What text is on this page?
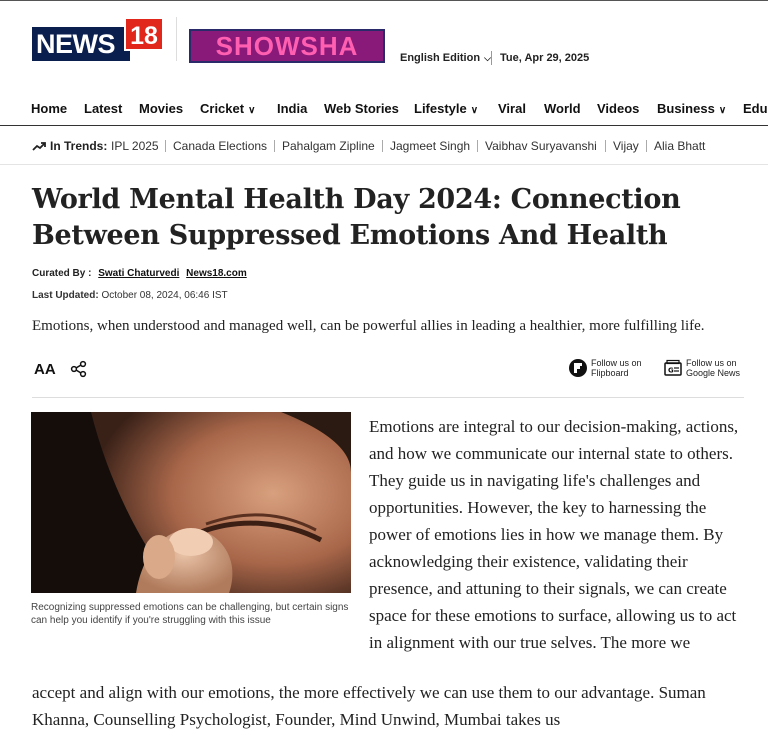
NEWS 18	SHOWSHA	English Edition ⌵ Tue, Apr 29, 2025
Home Latest Movies Cricket ∨ India Web Stories Lifestyle ∨ Viral World Videos Business ∨ Edu
In Trends: IPL 2025 Canada Elections Pahalgam Zipline Jagmeet Singh Vaibhav Suryavanshi Vijay Alia Bhatt
World Mental Health Day 2024: Connection Between Suppressed Emotions And Health
Curated By : Swati Chaturvedi News18.com
Last Updated: October 08, 2024, 06:46 IST

Emotions, when understood and managed well, can be powerful allies in leading a healthier, more fulfilling life.

AA	Follow us on
Flipboard	G
Follow us on
Google News

Recognizing suppressed emotions can be challenging, but certain signs can help you identify if you're struggling with this issue

Emotions are integral to our decision-making, actions, and how we communicate our internal state to others. They guide us in navigating life's challenges and opportunities. However, the key to harnessing the power of emotions lies in how we manage them. By acknowledging their existence, validating their presence, and attuning to their signals, we can create space for these emotions to surface, allowing us to act in alignment with our true selves. The more we

accept and align with our emotions, the more effectively we can use them to our advantage. Suman Khanna, Counselling Psychologist, Founder, Mind Unwind, Mumbai takes us
